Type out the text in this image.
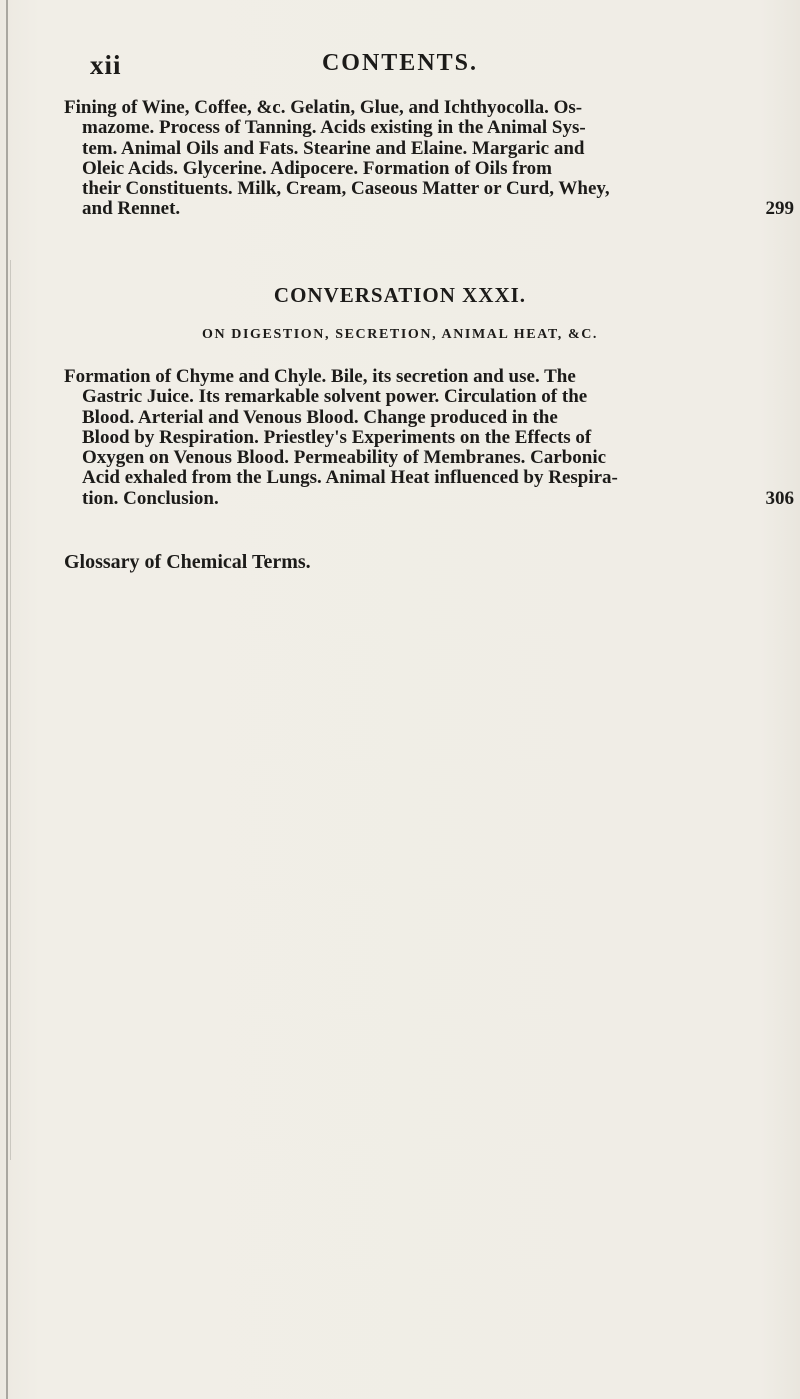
xii	CONTENTS.
Fining of Wine, Coffee, &c. Gelatin, Glue, and Ichthyocolla. Os-
mazome. Process of Tanning. Acids existing in the Animal Sys-
tem. Animal Oils and Fats. Stearine and Elaine. Margaric and
Oleic Acids. Glycerine. Adipocere. Formation of Oils from
their Constituents. Milk, Cream, Caseous Matter or Curd, Whey,
and Rennet.	299
CONVERSATION XXXI.
ON DIGESTION, SECRETION, ANIMAL HEAT, &C.
Formation of Chyme and Chyle. Bile, its secretion and use. The
Gastric Juice. Its remarkable solvent power. Circulation of the
Blood. Arterial and Venous Blood. Change produced in the
Blood by Respiration. Priestley's Experiments on the Effects of
Oxygen on Venous Blood. Permeability of Membranes. Carbonic
Acid exhaled from the Lungs. Animal Heat influenced by Respira-
tion. Conclusion.	306
Glossary of Chemical Terms.
